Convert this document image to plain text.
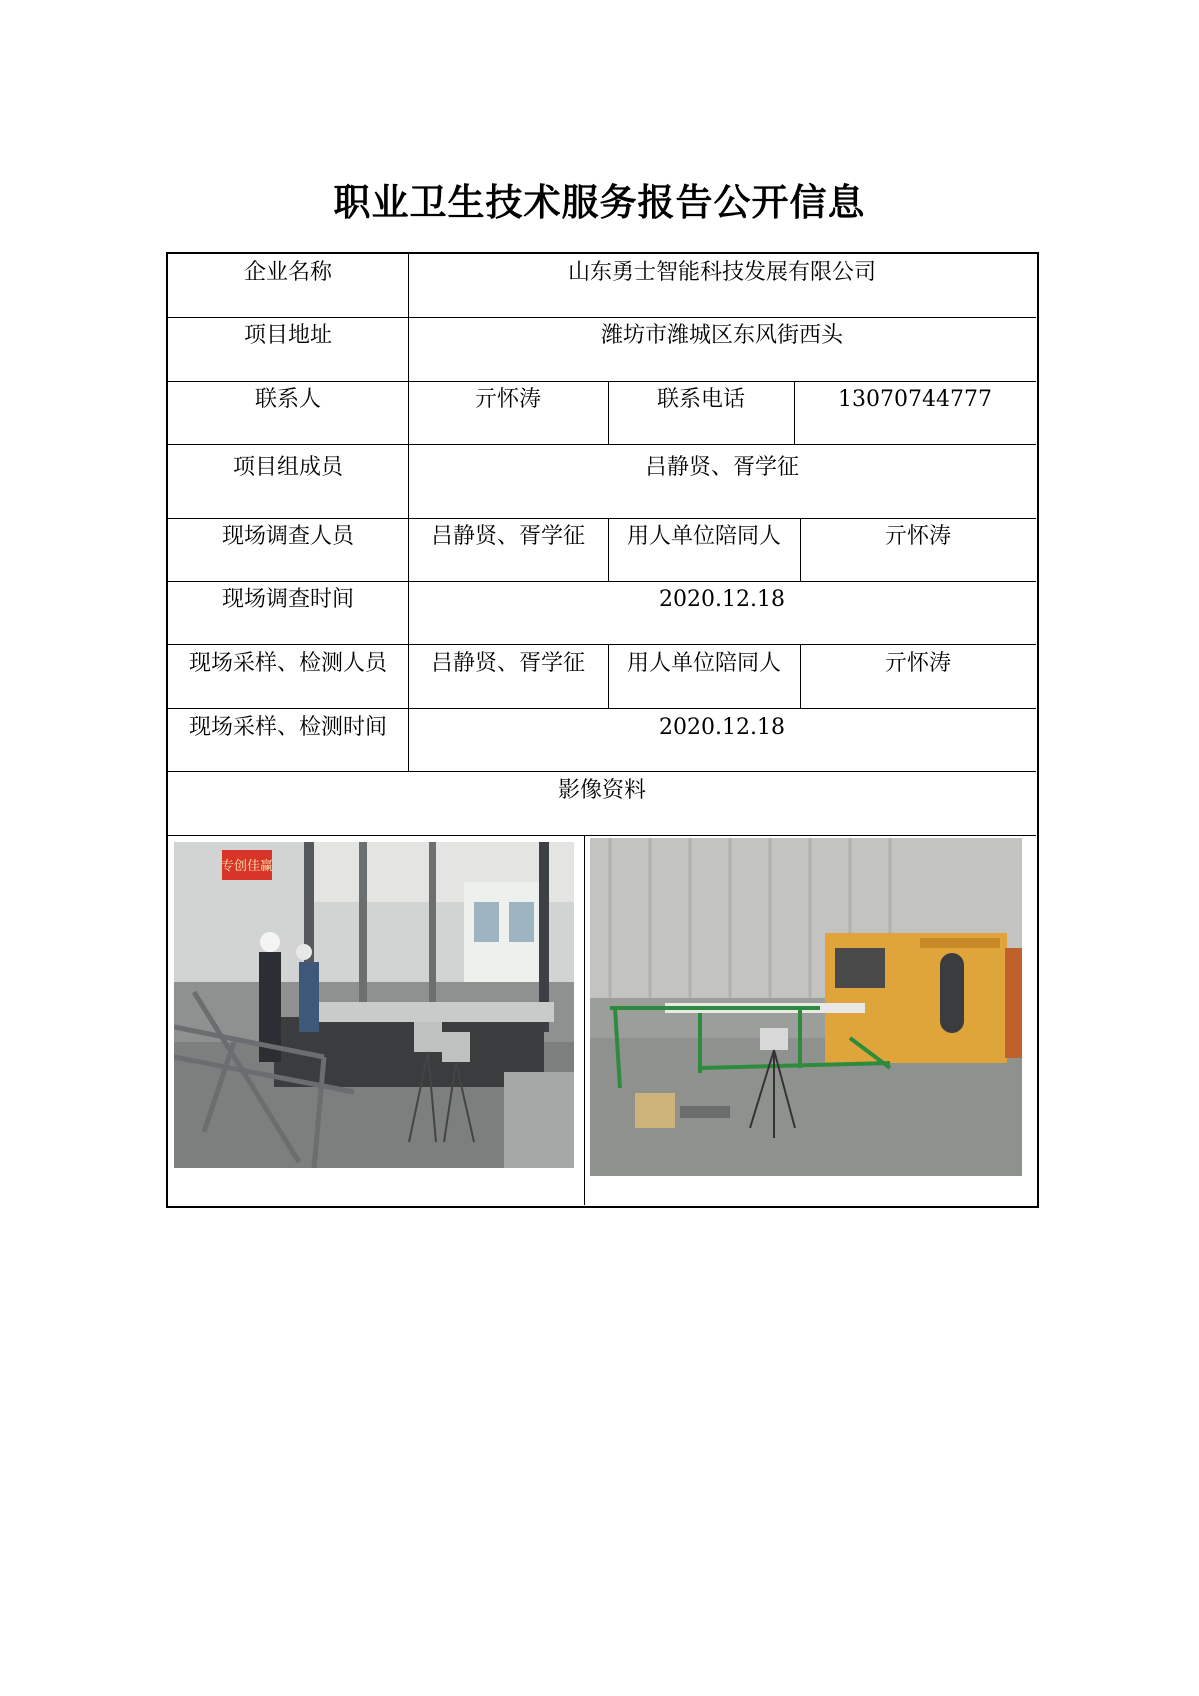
职业卫生技术服务报告公开信息
企业名称	山东勇士智能科技发展有限公司
项目地址	潍坊市潍城区东风街西头
联系人	亓怀涛	联系电话	13070744777
项目组成员	吕静贤、胥学征
现场调查人员	吕静贤、胥学征	用人单位陪同人	亓怀涛
现场调查时间	2020.12.18
现场采样、检测人员	吕静贤、胥学征	用人单位陪同人	亓怀涛
现场采样、检测时间	2020.12.18
影像资料
专创佳赢
